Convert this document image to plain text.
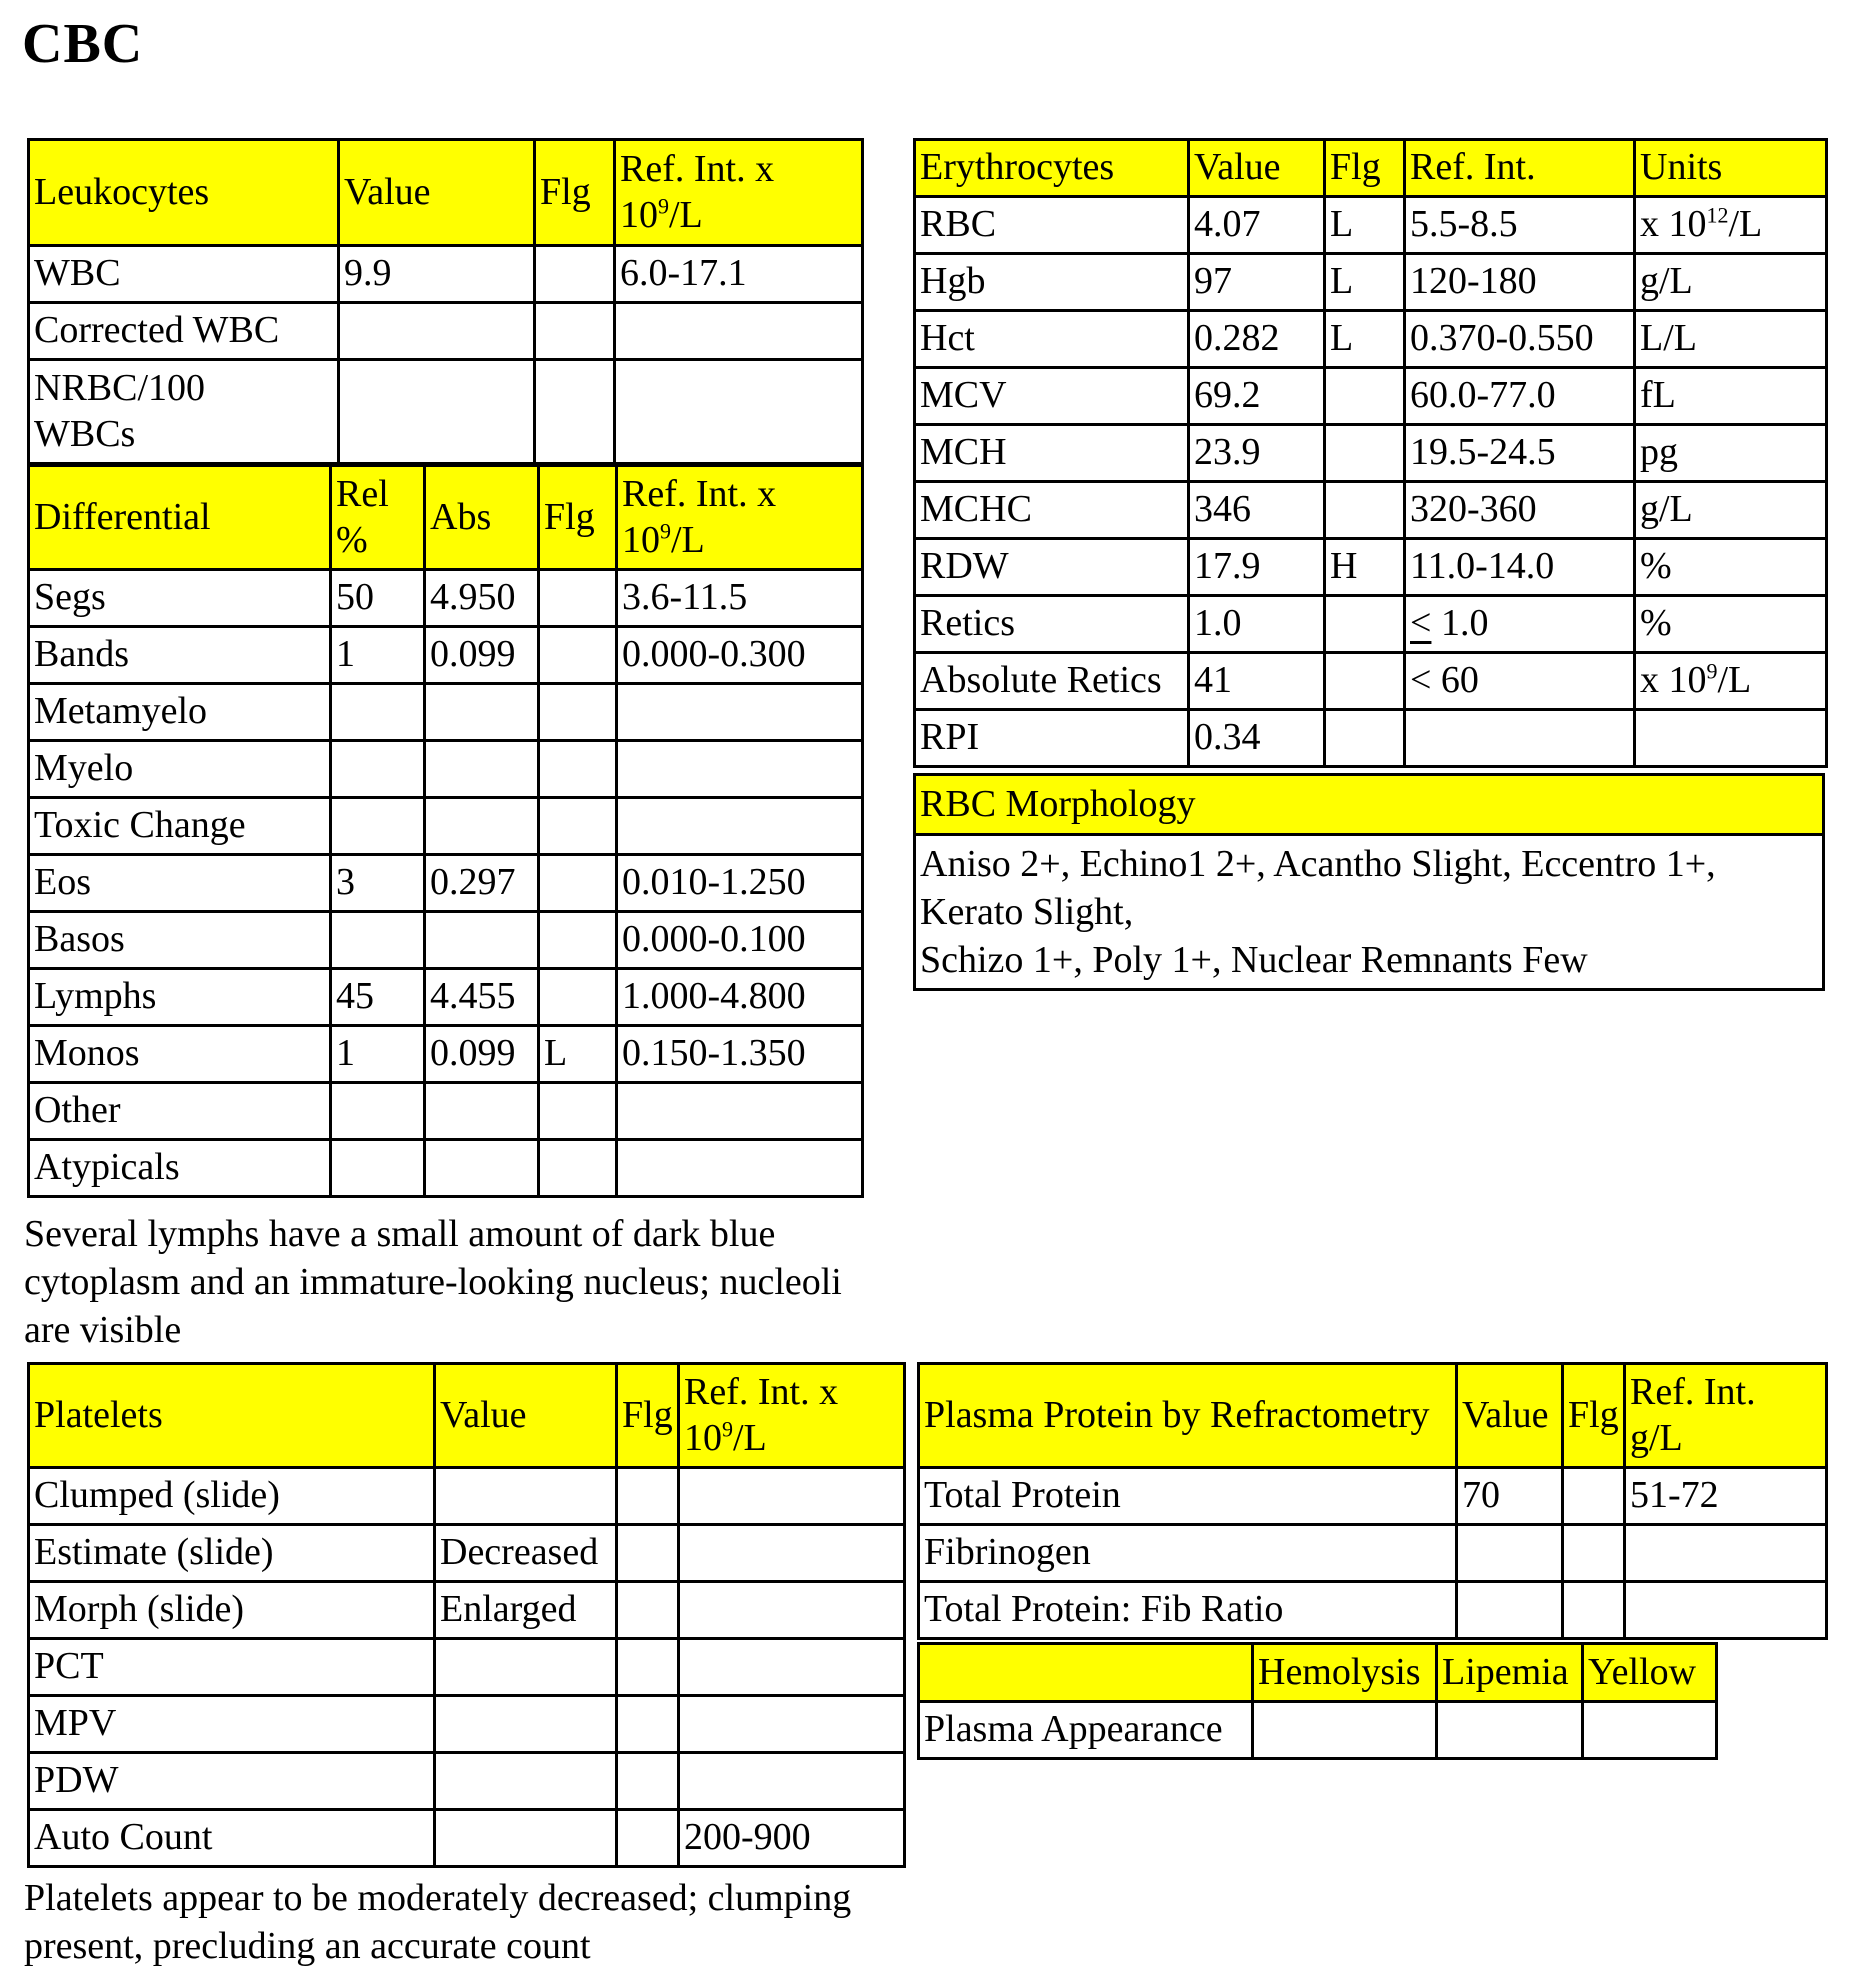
CBC
Leukocytes	Value	Flg	Ref. Int. x
$10^9/L$
WBC	9.9		6.0-17.1
Corrected WBC			
NRBC/100 WBCs			
Differential	Rel %	Abs	Flg	Ref. Int. x
$10^9/L$
Segs	50	4.950		3.6-11.5
Bands	1	0.099		0.000-0.300
Metamyelo				
Myelo				
Toxic Change				
Eos	3	0.297		0.010-1.250
Basos				0.000-0.100
Lymphs	45	4.455		1.000-4.800
Monos	1	0.099	L	0.150-1.350
Other				
Atypicals				
Several lymphs have a small amount of dark blue cytoplasm and an immature-looking nucleus; nucleoli are visible
Erythrocytes	Value	Flg	Ref. Int.	Units
RBC	4.07	L	5.5-8.5	x $10^{12}/L$
Hgb	97	L	120-180	g/L
Hct	0.282	L	0.370-0.550	L/L
MCV	69.2		60.0-77.0	fL
MCH	23.9		19.5-24.5	pg
MCHC	346		320-360	g/L
RDW	17.9	H	11.0-14.0	%
Retics	1.0		≤ 1.0	%
Absolute Retics	41		< 60	x $10^9/L$
RPI	0.34			
RBC Morphology
Aniso 2+, Echino1 2+, Acantho Slight, Eccentro 1+,
Kerato Slight,
Schizo 1+, Poly 1+, Nuclear Remnants Few
Platelets	Value	Flg	Ref. Int. x
$10^9/L$
Clumped (slide)			
Estimate (slide)	Decreased		
Morph (slide)	Enlarged		
PCT			
MPV			
PDW			
Auto Count			200-900
Platelets appear to be moderately decreased; clumping present, precluding an accurate count
Plasma Protein by Refractometry	Value	Flg	Ref. Int.
g/L
Total Protein	70		51-72
Fibrinogen			
Total Protein: Fib Ratio			
	Hemolysis	Lipemia	Yellow
Plasma Appearance			
